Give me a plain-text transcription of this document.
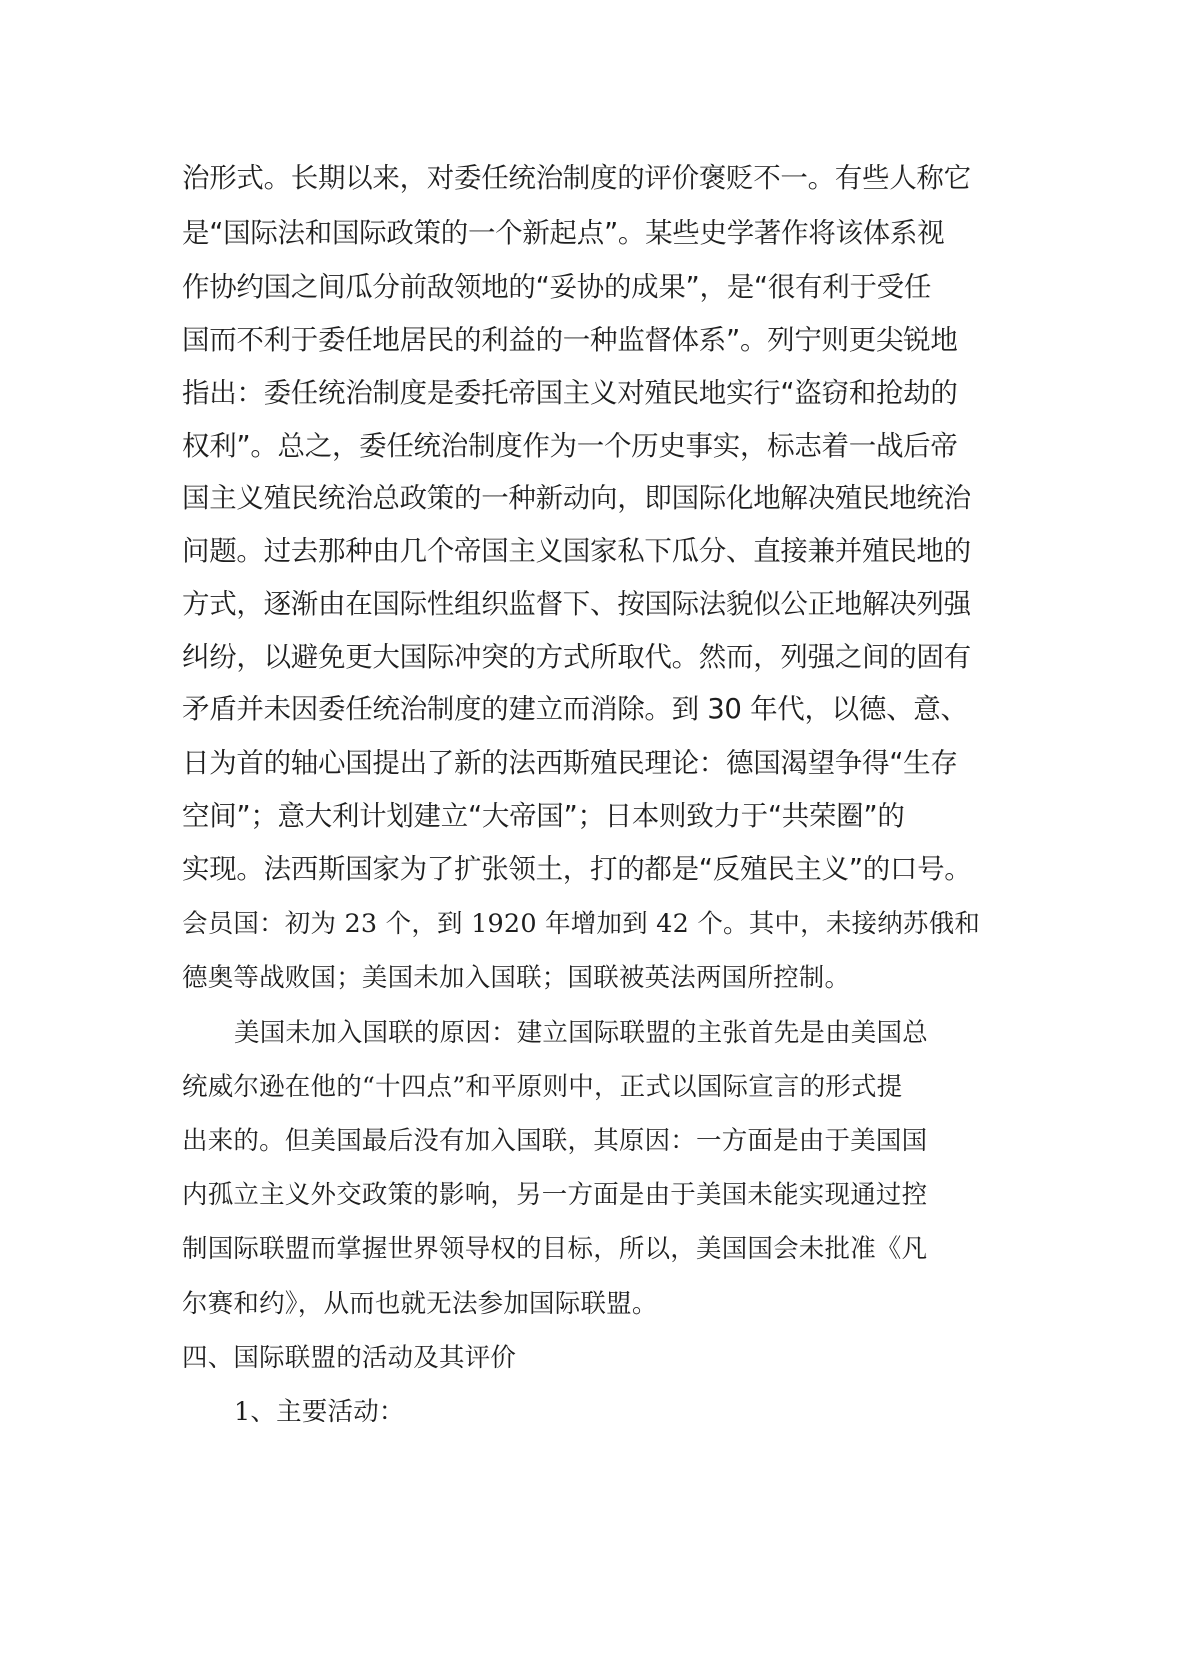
治形式。长期以来，对委任统治制度的评价褒贬不一。有些人称它
是“国际法和国际政策的一个新起点”。某些史学著作将该体系视
作协约国之间瓜分前敌领地的“妥协的成果”，是“很有利于受任
国而不利于委任地居民的利益的一种监督体系”。列宁则更尖锐地
指出：委任统治制度是委托帝国主义对殖民地实行“盗窃和抢劫的
权利”。总之，委任统治制度作为一个历史事实，标志着一战后帝
国主义殖民统治总政策的一种新动向，即国际化地解决殖民地统治
问题。过去那种由几个帝国主义国家私下瓜分、直接兼并殖民地的
方式，逐渐由在国际性组织监督下、按国际法貌似公正地解决列强
纠纷，以避免更大国际冲突的方式所取代。然而，列强之间的固有
矛盾并未因委任统治制度的建立而消除。到 30 年代，以德、意、
日为首的轴心国提出了新的法西斯殖民理论：德国渴望争得“生存
空间”；意大利计划建立“大帝国”；日本则致力于“共荣圈”的
实现。法西斯国家为了扩张领土，打的都是“反殖民主义”的口号。
会员国：初为 23 个，到 1920 年增加到 42 个。其中，未接纳苏俄和
德奥等战败国；美国未加入国联；国联被英法两国所控制。
美国未加入国联的原因：建立国际联盟的主张首先是由美国总
统威尔逊在他的“十四点”和平原则中，正式以国际宣言的形式提
出来的。但美国最后没有加入国联，其原因：一方面是由于美国国
内孤立主义外交政策的影响，另一方面是由于美国未能实现通过控
制国际联盟而掌握世界领导权的目标，所以，美国国会未批准《凡
尔赛和约》，从而也就无法参加国际联盟。
四、国际联盟的活动及其评价
1、主要活动：
